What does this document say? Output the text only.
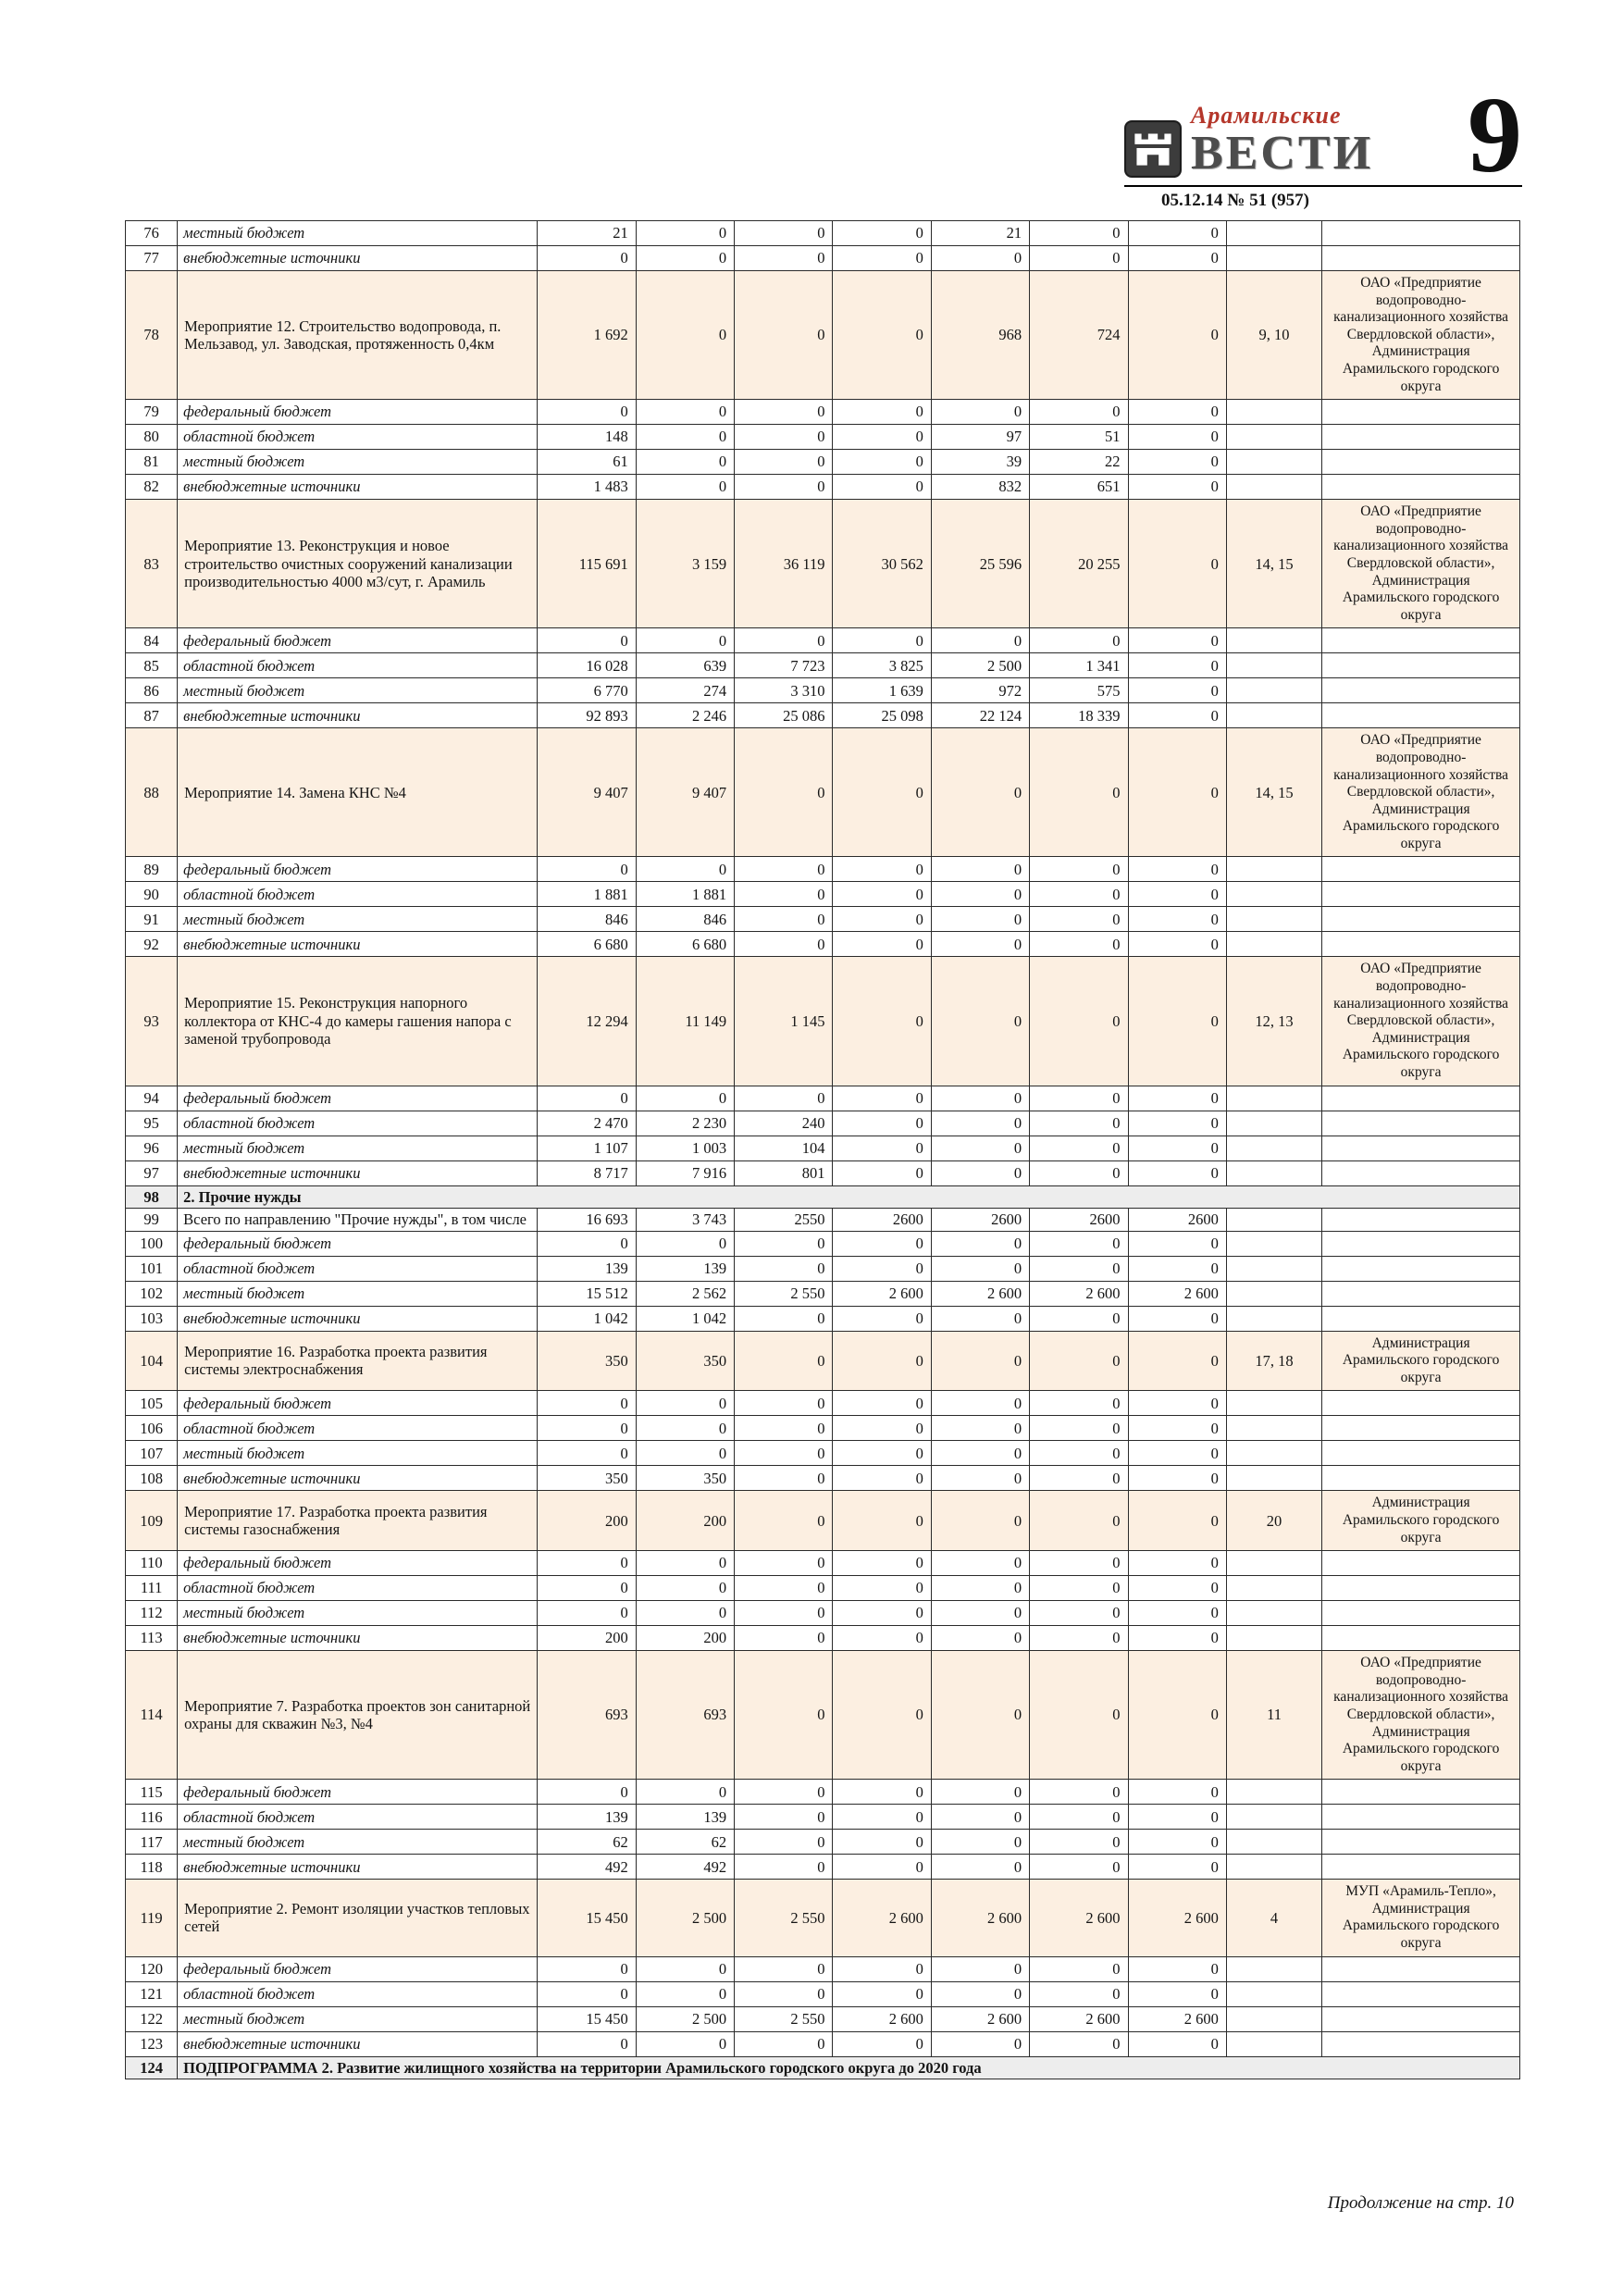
Арамильские
ВЕСТИ 9
05.12.14 № 51 (957)
76	местный бюджет	21	0	0	0	21	0	0		
77	внебюджетные источники	0	0	0	0	0	0	0		
78	Мероприятие 12. Строительство водопровода, п. Мельзавод, ул. Заводская, протяженность 0,4км	1 692	0	0	0	968	724	0	9, 10	ОАО «Предприятие водопроводно-канализационного хозяйства Свердловской области», Администрация Арамильского городского округа
79	федеральный бюджет	0	0	0	0	0	0	0		
80	областной бюджет	148	0	0	0	97	51	0		
81	местный бюджет	61	0	0	0	39	22	0		
82	внебюджетные источники	1 483	0	0	0	832	651	0		
83	Мероприятие 13. Реконструкция и новое строительство очистных сооружений канализации производительностью 4000 м3/сут, г. Арамиль	115 691	3 159	36 119	30 562	25 596	20 255	0	14, 15	ОАО «Предприятие водопроводно-канализационного хозяйства Свердловской области», Администрация Арамильского городского округа
84	федеральный бюджет	0	0	0	0	0	0	0		
85	областной бюджет	16 028	639	7 723	3 825	2 500	1 341	0		
86	местный бюджет	6 770	274	3 310	1 639	972	575	0		
87	внебюджетные источники	92 893	2 246	25 086	25 098	22 124	18 339	0		
88	Мероприятие 14. Замена КНС №4	9 407	9 407	0	0	0	0	0	14, 15	ОАО «Предприятие водопроводно-канализационного хозяйства Свердловской области», Администрация Арамильского городского округа
89	федеральный бюджет	0	0	0	0	0	0	0		
90	областной бюджет	1 881	1 881	0	0	0	0	0		
91	местный бюджет	846	846	0	0	0	0	0		
92	внебюджетные источники	6 680	6 680	0	0	0	0	0		
93	Мероприятие 15. Реконструкция напорного коллектора от КНС-4 до камеры гашения напора с заменой трубопровода	12 294	11 149	1 145	0	0	0	0	12, 13	ОАО «Предприятие водопроводно-канализационного хозяйства Свердловской области», Администрация Арамильского городского округа
94	федеральный бюджет	0	0	0	0	0	0	0		
95	областной бюджет	2 470	2 230	240	0	0	0	0		
96	местный бюджет	1 107	1 003	104	0	0	0	0		
97	внебюджетные источники	8 717	7 916	801	0	0	0	0		
98	2. Прочие нужды									
99	Всего по направлению "Прочие нужды", в том числе	16 693	3 743	2550	2600	2600	2600	2600		
100	федеральный бюджет	0	0	0	0	0	0	0		
101	областной бюджет	139	139	0	0	0	0	0		
102	местный бюджет	15 512	2 562	2 550	2 600	2 600	2 600	2 600		
103	внебюджетные источники	1 042	1 042	0	0	0	0	0		
104	Мероприятие 16. Разработка проекта развития системы электроснабжения	350	350	0	0	0	0	0	17, 18	Администрация Арамильского городского округа
105	федеральный бюджет	0	0	0	0	0	0	0		
106	областной бюджет	0	0	0	0	0	0	0		
107	местный бюджет	0	0	0	0	0	0	0		
108	внебюджетные источники	350	350	0	0	0	0	0		
109	Мероприятие 17. Разработка проекта развития системы газоснабжения	200	200	0	0	0	0	0	20	Администрация Арамильского городского округа
110	федеральный бюджет	0	0	0	0	0	0	0		
111	областной бюджет	0	0	0	0	0	0	0		
112	местный бюджет	0	0	0	0	0	0	0		
113	внебюджетные источники	200	200	0	0	0	0	0		
114	Мероприятие 7. Разработка проектов зон санитарной охраны для скважин №3, №4	693	693	0	0	0	0	0	11	ОАО «Предприятие водопроводно-канализационного хозяйства Свердловской области», Администрация Арамильского городского округа
115	федеральный бюджет	0	0	0	0	0	0	0		
116	областной бюджет	139	139	0	0	0	0	0		
117	местный бюджет	62	62	0	0	0	0	0		
118	внебюджетные источники	492	492	0	0	0	0	0		
119	Мероприятие 2. Ремонт изоляции участков тепловых сетей	15 450	2 500	2 550	2 600	2 600	2 600	2 600	4	МУП «Арамиль-Тепло», Администрация Арамильского городского округа
120	федеральный бюджет	0	0	0	0	0	0	0		
121	областной бюджет	0	0	0	0	0	0	0		
122	местный бюджет	15 450	2 500	2 550	2 600	2 600	2 600	2 600		
123	внебюджетные источники	0	0	0	0	0	0	0		
124	ПОДПРОГРАММА 2. Развитие жилищного хозяйства на территории Арамильского городского округа до 2020 года									
Продолжение на стр. 10
